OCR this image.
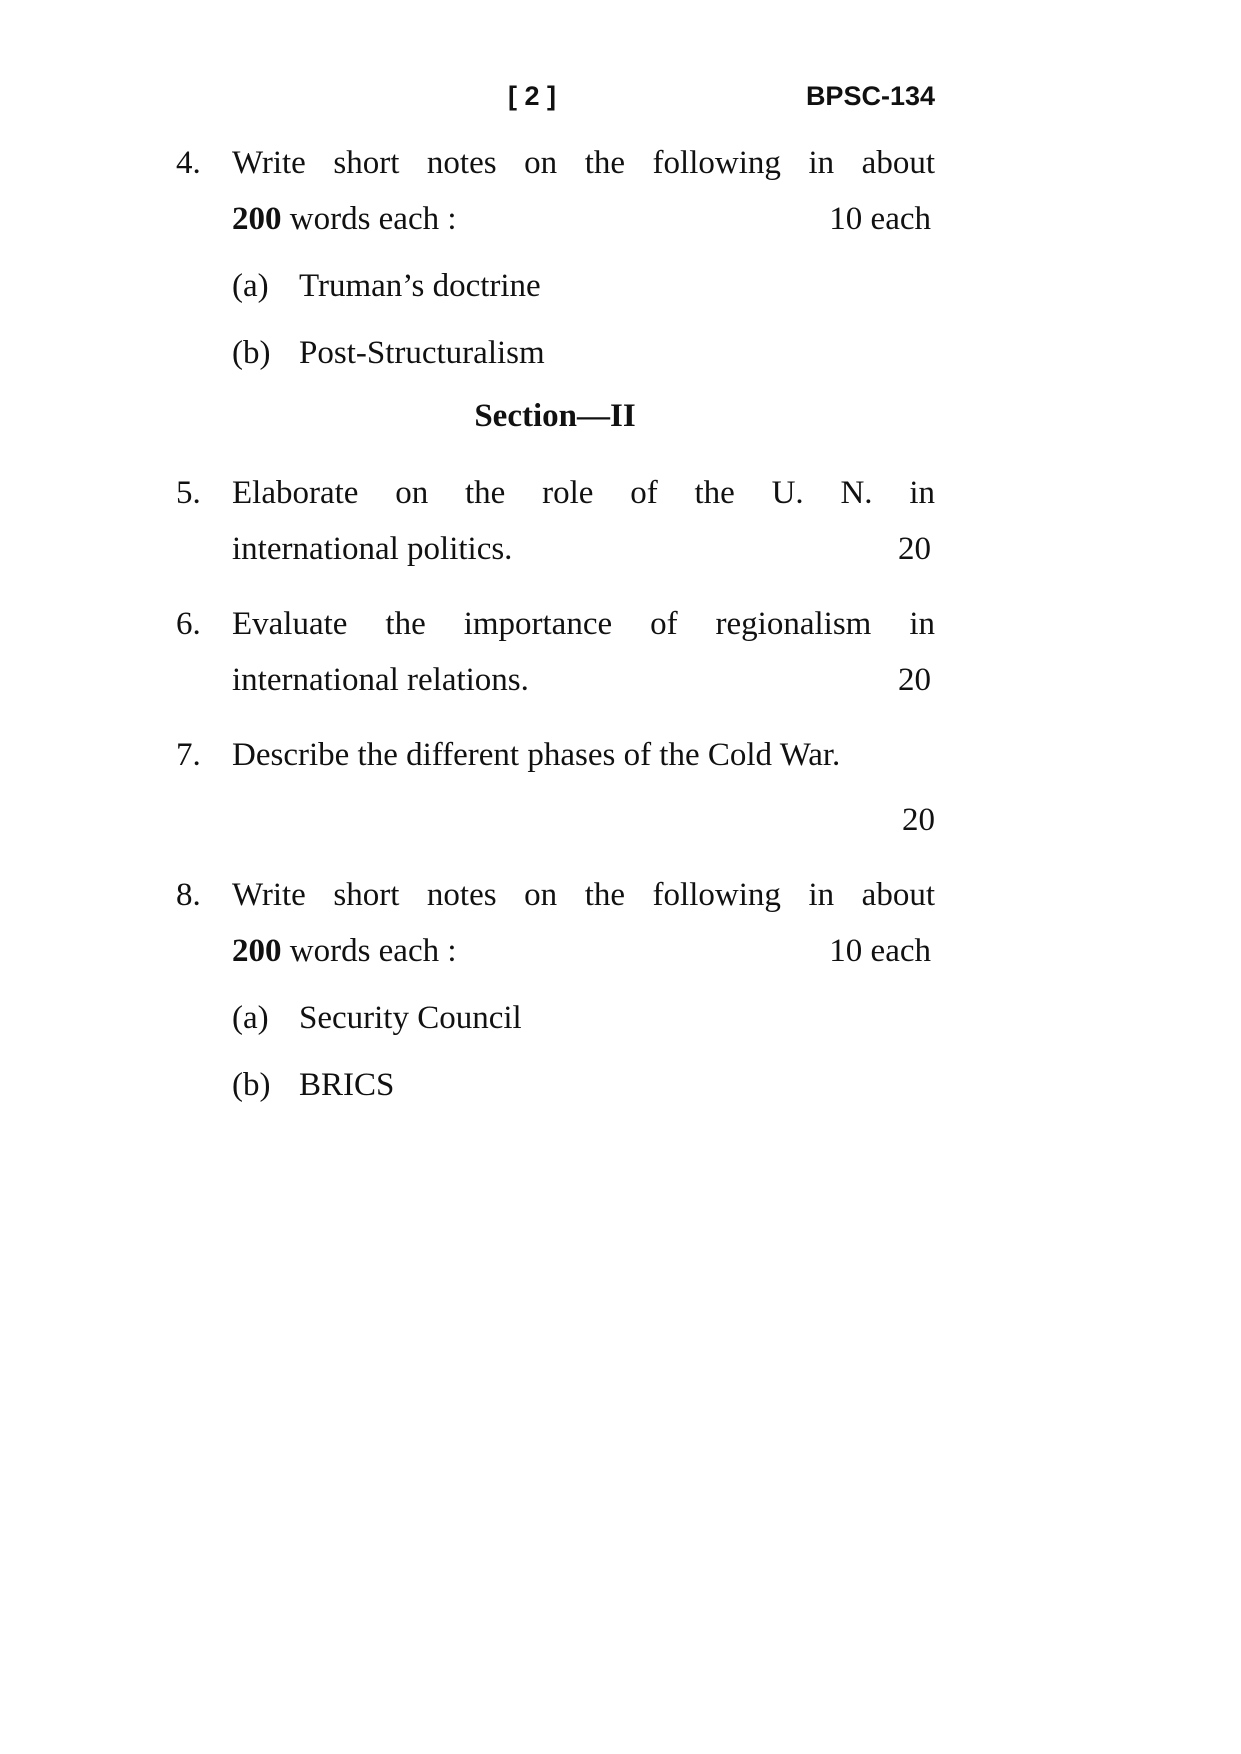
[ 2 ]	BPSC-134
4. Write short notes on the following in about
200 words each :	10 each
(a) Truman’s doctrine
(b) Post-Structuralism
Section—II
5. Elaborate on the role of the U. N. in
international politics.	20
6. Evaluate the importance of regionalism in
international relations.	20
7. Describe the different phases of the Cold War.
20
8. Write short notes on the following in about
200 words each :	10 each
(a) Security Council
(b) BRICS
